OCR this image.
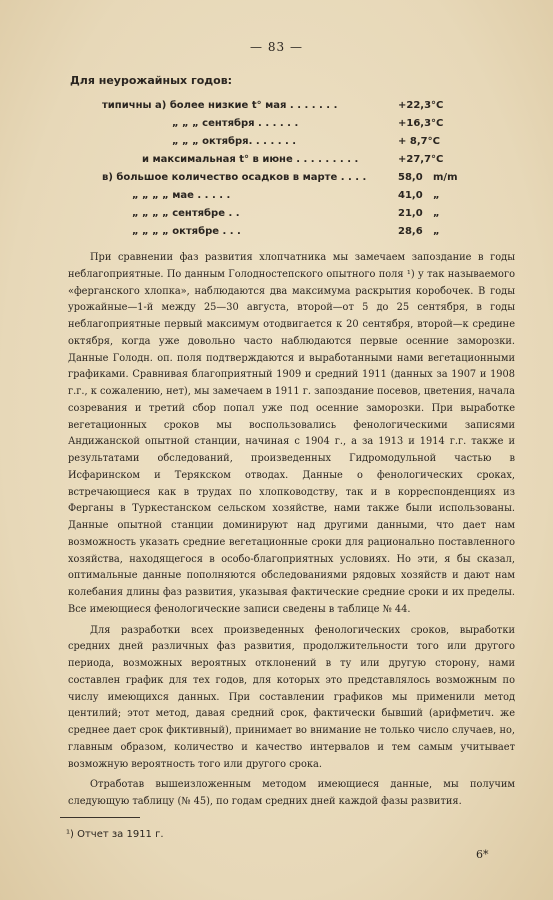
— 83 —
Для неурожайных годов:
типичны а) более низкие t° мая . . . . . . .	+22,3°C
„ „ „ сентября . . . . . .	+16,3°C
„ „ „ октября. . . . . . .	+ 8,7°C
и максимальная t° в июне . . . . . . . . .	+27,7°C
в) большое количество осадков в марте . . . .	58,0 m/m
„ „ „ „ мае . . . . .	41,0 „
„ „ „ „ сентябре . .	21,0 „
„ „ „ „ октябре . . .	28,6 „

При сравнении фаз развития хлопчатника мы замечаем запоздание в годы неблагоприятные. По данным Голодностепского опытного поля ¹) у так называемого «ферганского хлопка», наблюдаются два максимума раскрытия коробочек. В годы урожайные—1-й между 25—30 августа, второй—от 5 до 25 сентября, в годы неблагоприятные первый максимум отодвигается к 20 сентября, второй—к средине октября, когда уже довольно часто наблюдаются первые осенние заморозки. Данные Голодн. оп. поля подтверждаются и выработанными нами вегетационными графиками. Сравнивая благоприятный 1909 и средний 1911 (данных за 1907 и 1908 г.г., к сожалению, нет), мы замечаем в 1911 г. запоздание посевов, цветения, начала созревания и третий сбор попал уже под осенние заморозки. При выработке вегетационных сроков мы воспользовались фенологическими записями Андижанской опытной станции, начиная с 1904 г., а за 1913 и 1914 г.г. также и результатами обследований, произведенных Гидромодульной частью в Исфаринском и Терякском отводах. Данные о фенологических сроках, встречающиеся как в трудах по хлопководству, так и в корреспонденциях из Ферганы в Туркестанском сельском хозяйстве, нами также были использованы. Данные опытной станции доминируют над другими данными, что дает нам возможность указать средние вегетационные сроки для рационально поставленного хозяйства, находящегося в особо-благоприятных условиях. Но эти, я бы сказал, оптимальные данные пополняются обследованиями рядовых хозяйств и дают нам колебания длины фаз развития, указывая фактические средние сроки и их пределы. Все имеющиеся фенологические записи сведены в таблице № 44.

Для разработки всех произведенных фенологических сроков, выработки средних дней различных фаз развития, продолжительности того или другого периода, возможных вероятных отклонений в ту или другую сторону, нами составлен график для тех годов, для которых это представлялось возможным по числу имеющихся данных. При составлении графиков мы применили метод центилий; этот метод, давая средний срок, фактически бывший (арифметич. же среднее дает срок фиктивный), принимает во внимание не только число случаев, но, главным образом, количество и качество интервалов и тем самым учитывает возможную вероятность того или другого срока.

Отработав вышеизложенным методом имеющиеся данные, мы получим следующую таблицу (№ 45), по годам средних дней каждой фазы развития.

¹) Отчет за 1911 г.
6*
